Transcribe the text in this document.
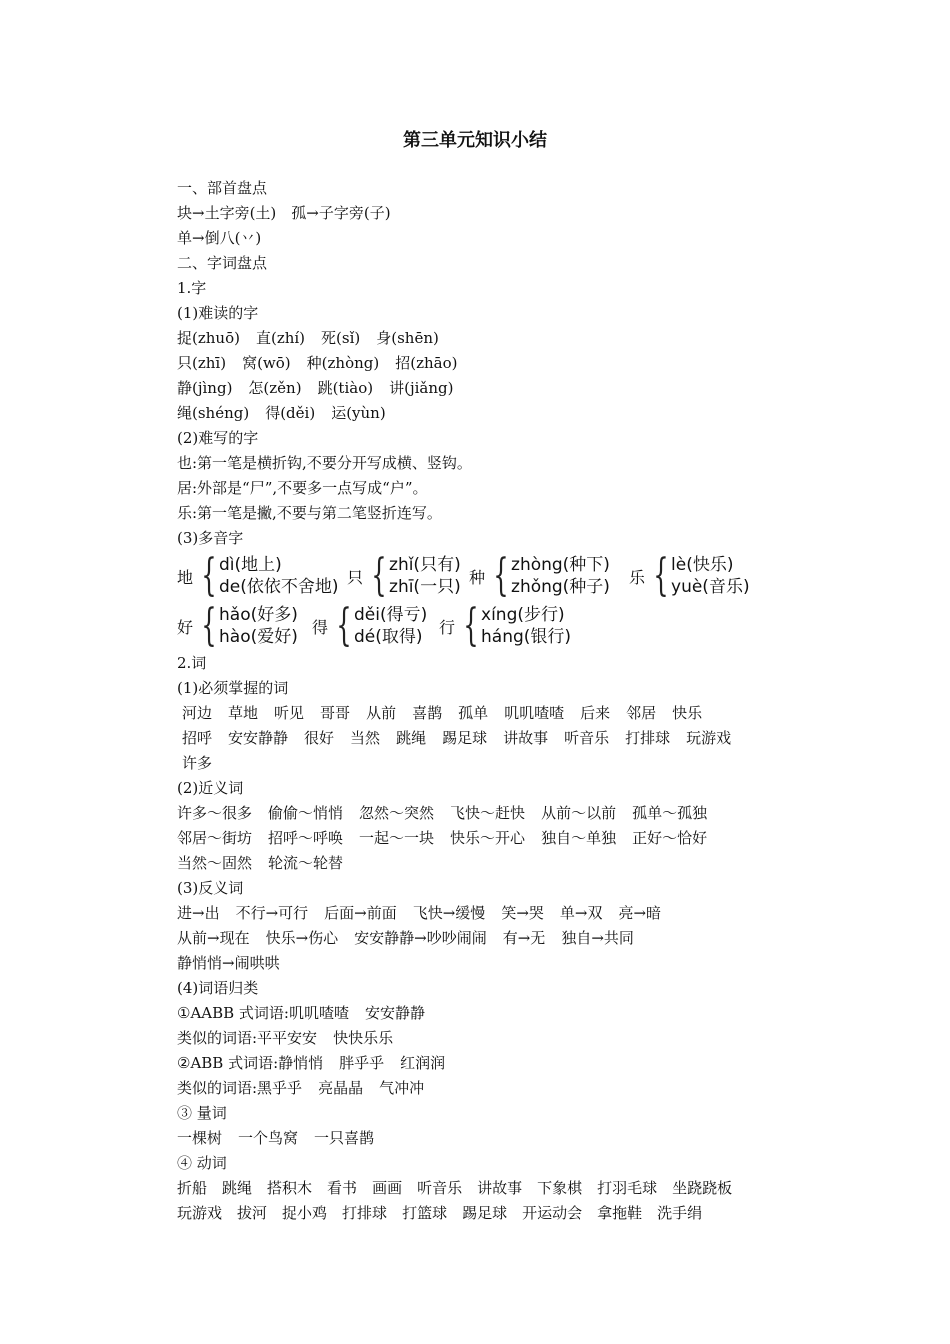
第三单元知识小结
一、部首盘点
块→土字旁(土)　孤→子字旁(子)
单→倒八(丷)
二、字词盘点
1.字
(1)难读的字
捉(zhuō) 直(zhí) 死(sǐ) 身(shēn)
只(zhī) 窝(wō) 种(zhòng) 招(zhāo)
静(jìng) 怎(zěn) 跳(tiào) 讲(jiǎng)
绳(shéng) 得(děi) 运(yùn)
(2)难写的字
也:第一笔是横折钩,不要分开写成横、竖钩。
居:外部是“尸”,不要多一点写成“户”。
乐:第一笔是撇,不要与第二笔竖折连写。
(3)多音字
地 { dì(地上)
de(依依不舍地) 只 { zhǐ(只有)
zhī(一只) 种 { zhòng(种下)
zhǒng(种子) 乐 { lè(快乐)
yuè(音乐)
好 { hǎo(好多)
hào(爱好) 得 { děi(得亏)
dé(取得) 行 { xíng(步行)
háng(银行)
2.词
(1)必须掌握的词
河边 草地 听见 哥哥 从前 喜鹊 孤单 叽叽喳喳 后来 邻居 快乐
招呼 安安静静 很好 当然 跳绳 踢足球 讲故事 听音乐 打排球 玩游戏
许多
(2)近义词
许多～很多 偷偷～悄悄 忽然～突然 飞快～赶快 从前～以前 孤单～孤独
邻居～街坊 招呼～呼唤 一起～一块 快乐～开心 独自～单独 正好～恰好
当然～固然 轮流～轮替
(3)反义词
进→出 不行→可行 后面→前面 飞快→缓慢 笑→哭 单→双 亮→暗
从前→现在 快乐→伤心 安安静静→吵吵闹闹 有→无 独自→共同
静悄悄→闹哄哄
(4)词语归类
①AABB 式词语:叽叽喳喳 安安静静
类似的词语:平平安安 快快乐乐
②ABB 式词语:静悄悄 胖乎乎 红润润
类似的词语:黑乎乎 亮晶晶 气冲冲
③ 量词
一棵树 一个鸟窝 一只喜鹊
④ 动词
折船 跳绳 搭积木 看书 画画 听音乐 讲故事 下象棋 打羽毛球 坐跷跷板
玩游戏 拔河 捉小鸡 打排球 打篮球 踢足球 开运动会 拿拖鞋 洗手绢
